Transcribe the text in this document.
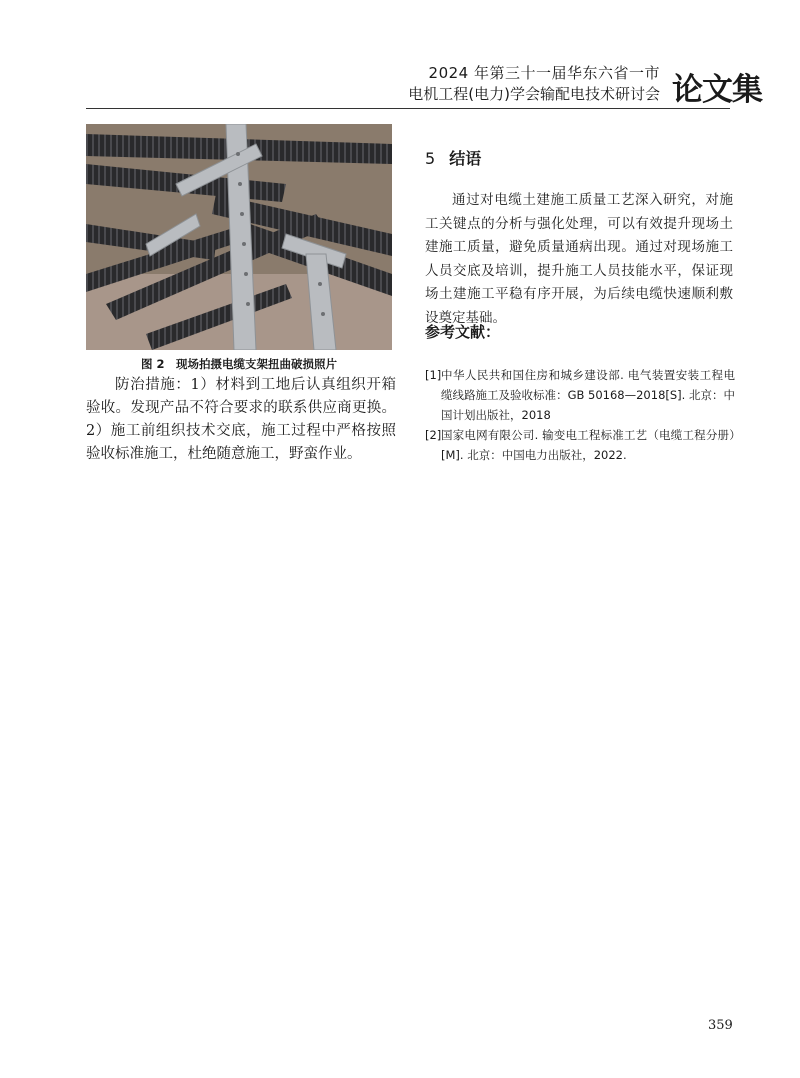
2024 年第三十一届华东六省一市
电机工程(电力)学会输配电技术研讨会 论文集
图 2　现场拍摄电缆支架扭曲破损照片

防治措施：1）材料到工地后认真组织开箱验收。发现产品不符合要求的联系供应商更换。2）施工前组织技术交底，施工过程中严格按照验收标准施工，杜绝随意施工，野蛮作业。

5 结语

通过对电缆土建施工质量工艺深入研究，对施工关键点的分析与强化处理，可以有效提升现场土建施工质量，避免质量通病出现。通过对现场施工人员交底及培训，提升施工人员技能水平，保证现场土建施工平稳有序开展，为后续电缆快速顺利敷设奠定基础。

参考文献：
[1] 中华人民共和国住房和城乡建设部. 电气装置安装工程电缆线路施工及验收标准：GB 50168—2018[S]. 北京：中国计划出版社，2018
[2] 国家电网有限公司. 输变电工程标准工艺（电缆工程分册）[M]. 北京：中国电力出版社，2022.
359
